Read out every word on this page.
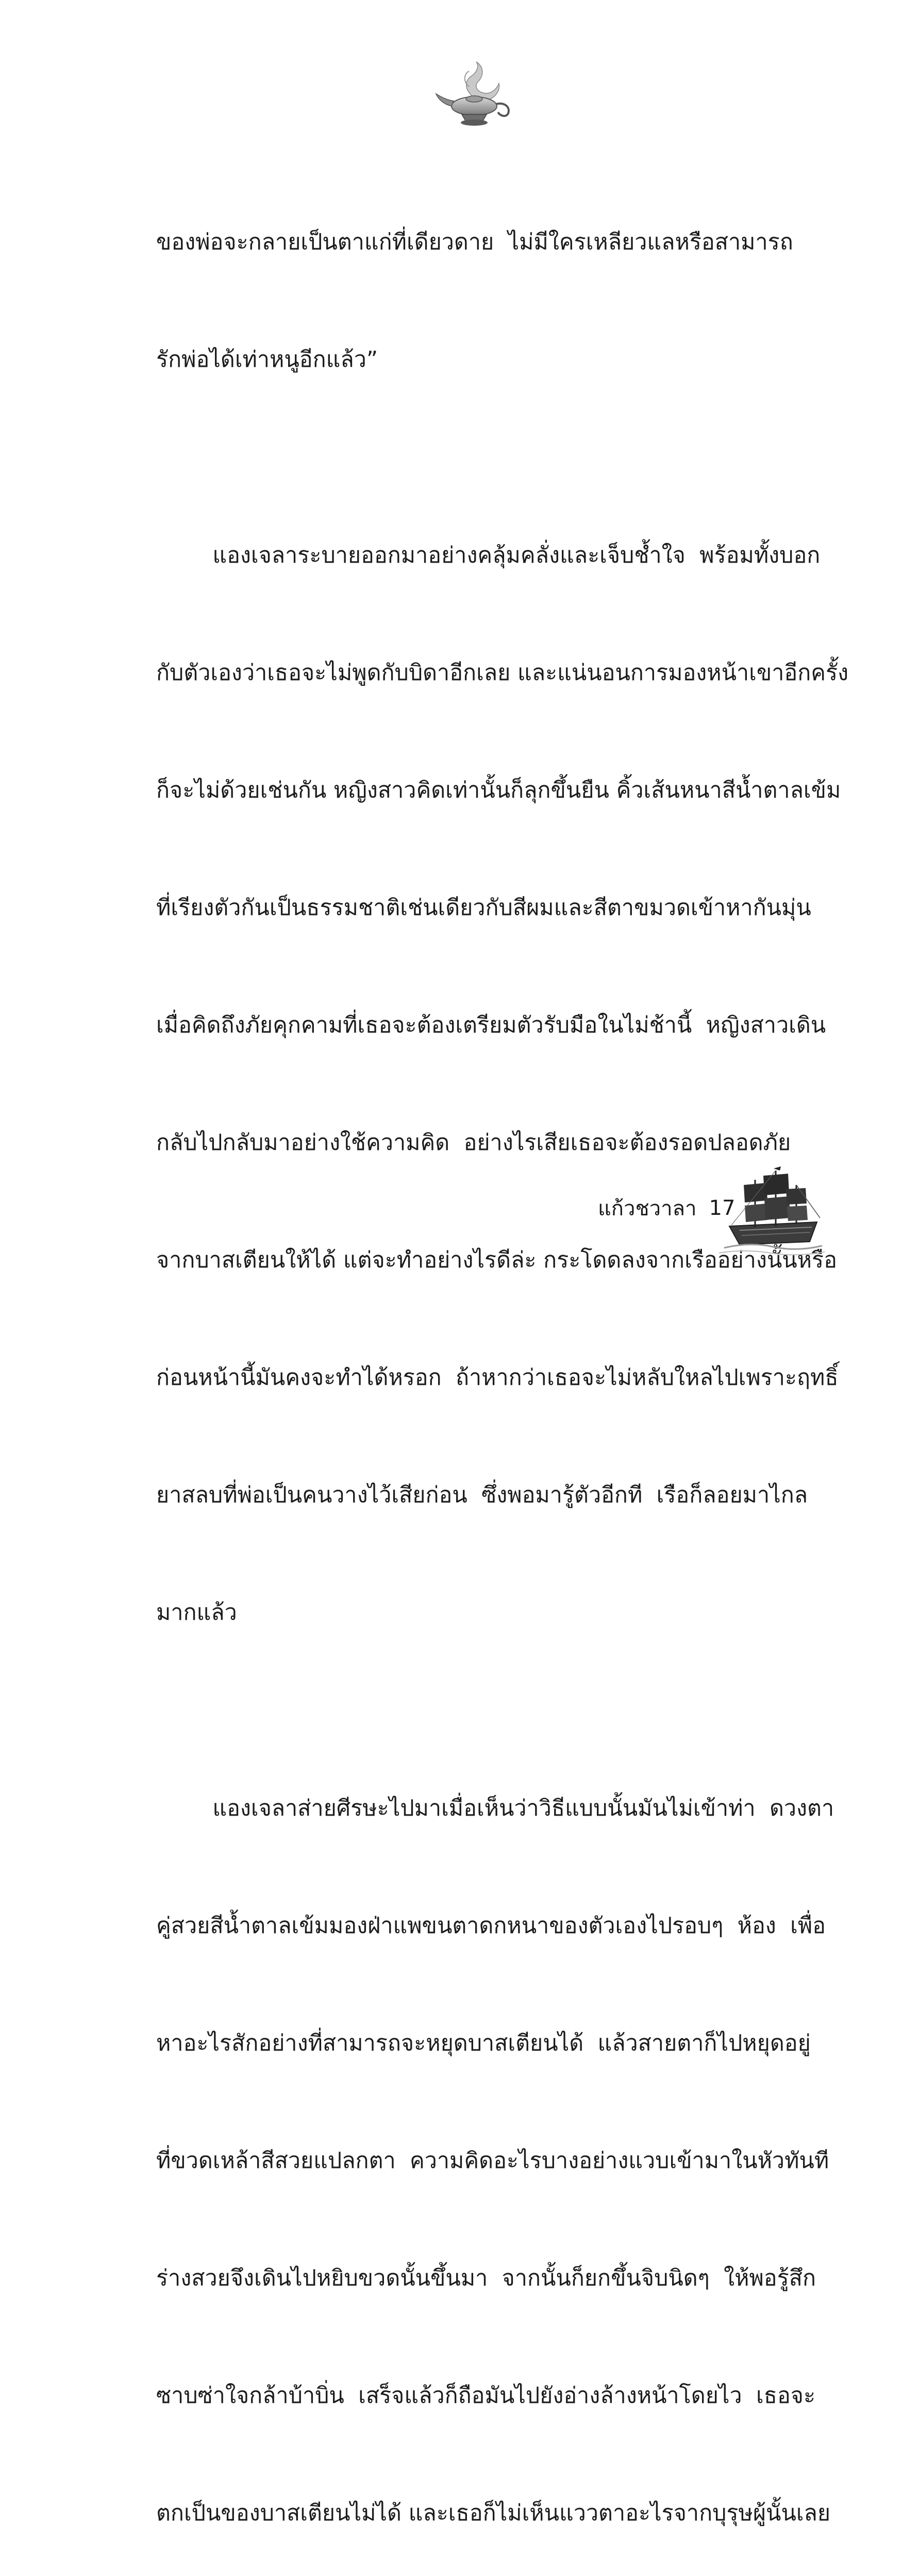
ของพ่อจะกลายเป็นตาแก่ที่เดียวดาย  ไม่มีใครเหลียวแลหรือสามารถ

รักพ่อได้เท่าหนูอีกแล้ว”

แองเจลาระบายออกมาอย่างคลุ้มคลั่งและเจ็บช้ำใจ  พร้อมทั้งบอก

กับตัวเองว่าเธอจะไม่พูดกับบิดาอีกเลย และแน่นอนการมองหน้าเขาอีกครั้ง

ก็จะไม่ด้วยเช่นกัน หญิงสาวคิดเท่านั้นก็ลุกขึ้นยืน คิ้วเส้นหนาสีน้ำตาลเข้ม

ที่เรียงตัวกันเป็นธรรมชาติเช่นเดียวกับสีผมและสีตาขมวดเข้าหากันมุ่น

เมื่อคิดถึงภัยคุกคามที่เธอจะต้องเตรียมตัวรับมือในไม่ช้านี้  หญิงสาวเดิน

กลับไปกลับมาอย่างใช้ความคิด  อย่างไรเสียเธอจะต้องรอดปลอดภัย

จากบาสเตียนให้ได้ แต่จะทำอย่างไรดีล่ะ กระโดดลงจากเรืออย่างนั้นหรือ

ก่อนหน้านี้มันคงจะทำได้หรอก  ถ้าหากว่าเธอจะไม่หลับใหลไปเพราะฤทธิ์

ยาสลบที่พ่อเป็นคนวางไว้เสียก่อน  ซึ่งพอมารู้ตัวอีกที  เรือก็ลอยมาไกล

มากแล้ว

แองเจลาส่ายศีรษะไปมาเมื่อเห็นว่าวิธีแบบนั้นมันไม่เข้าท่า  ดวงตา

คู่สวยสีน้ำตาลเข้มมองฝ่าแพขนตาดกหนาของตัวเองไปรอบๆ  ห้อง  เพื่อ

หาอะไรสักอย่างที่สามารถจะหยุดบาสเตียนได้  แล้วสายตาก็ไปหยุดอยู่

ที่ขวดเหล้าสีสวยแปลกตา  ความคิดอะไรบางอย่างแวบเข้ามาในหัวทันที

ร่างสวยจึงเดินไปหยิบขวดนั้นขึ้นมา  จากนั้นก็ยกขึ้นจิบนิดๆ  ให้พอรู้สึก

ซาบซ่าใจกล้าบ้าบิ่น  เสร็จแล้วก็ถือมันไปยังอ่างล้างหน้าโดยไว  เธอจะ

ตกเป็นของบาสเตียนไม่ได้ และเธอก็ไม่เห็นแววตาอะไรจากบุรุษผู้นั้นเลย

แก้วชวาลา 17
